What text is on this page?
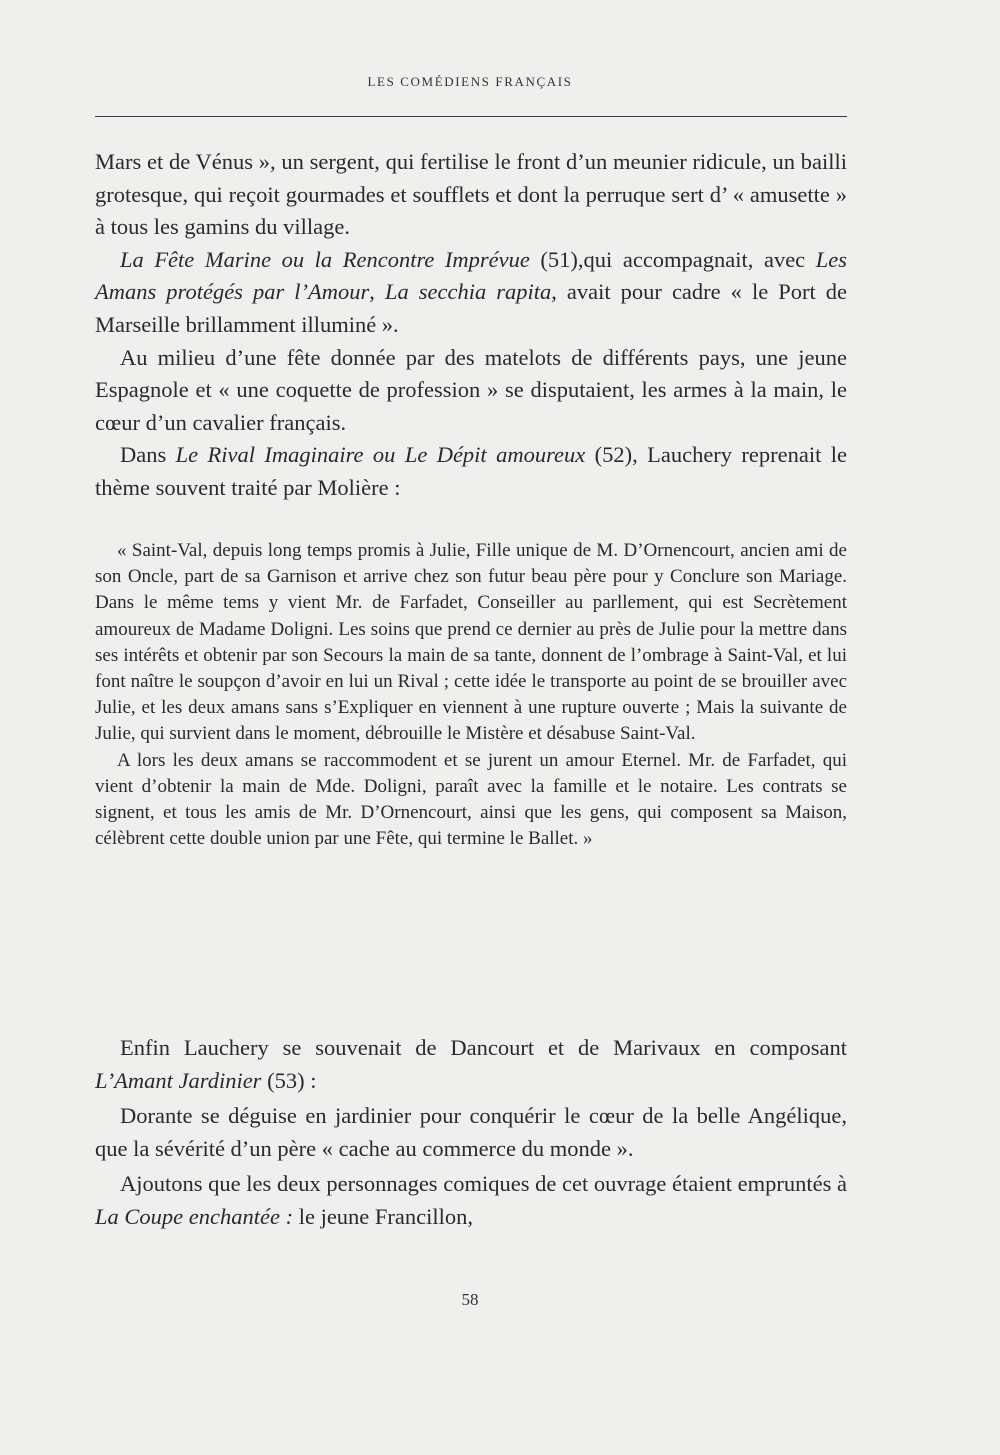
LES COMÉDIENS FRANÇAIS

Mars et de Vénus », un sergent, qui fertilise le front d’un meunier ridicule, un bailli grotesque, qui reçoit gourmades et soufflets et dont la perruque sert d’ « amusette » à tous les gamins du village.

La Fête Marine ou la Rencontre Imprévue (51),qui accompagnait, avec Les Amans protégés par l’Amour, La secchia rapita, avait pour cadre « le Port de Marseille brillamment illuminé ».

Au milieu d’une fête donnée par des matelots de différents pays, une jeune Espagnole et « une coquette de profession » se disputaient, les armes à la main, le cœur d’un cavalier français.

Dans Le Rival Imaginaire ou Le Dépit amoureux (52), Lauchery reprenait le thème souvent traité par Molière :

« Saint-Val, depuis long temps promis à Julie, Fille unique de M. D’Ornencourt, ancien ami de son Oncle, part de sa Garnison et arrive chez son futur beau père pour y Conclure son Mariage. Dans le même tems y vient Mr. de Farfadet, Conseiller au parllement, qui est Secrètement amoureux de Madame Doligni. Les soins que prend ce dernier au près de Julie pour la mettre dans ses intérêts et obtenir par son Secours la main de sa tante, donnent de l’ombrage à Saint-Val, et lui font naître le soupçon d’avoir en lui un Rival ; cette idée le transporte au point de se brouiller avec Julie, et les deux amans sans s’Expliquer en viennent à une rupture ouverte ; Mais la suivante de Julie, qui survient dans le moment, débrouille le Mistère et désabuse Saint-Val.

A lors les deux amans se raccommodent et se jurent un amour Eternel. Mr. de Farfadet, qui vient d’obtenir la main de Mde. Doligni, paraît avec la famille et le notaire. Les contrats se signent, et tous les amis de Mr. D’Ornencourt, ainsi que les gens, qui composent sa Maison, célèbrent cette double union par une Fête, qui termine le Ballet. »

Enfin Lauchery se souvenait de Dancourt et de Marivaux en composant L’Amant Jardinier (53) :

Dorante se déguise en jardinier pour conquérir le cœur de la belle Angélique, que la sévérité d’un père « cache au commerce du monde ».

Ajoutons que les deux personnages comiques de cet ouvrage étaient empruntés à La Coupe enchantée : le jeune Francillon,

58
